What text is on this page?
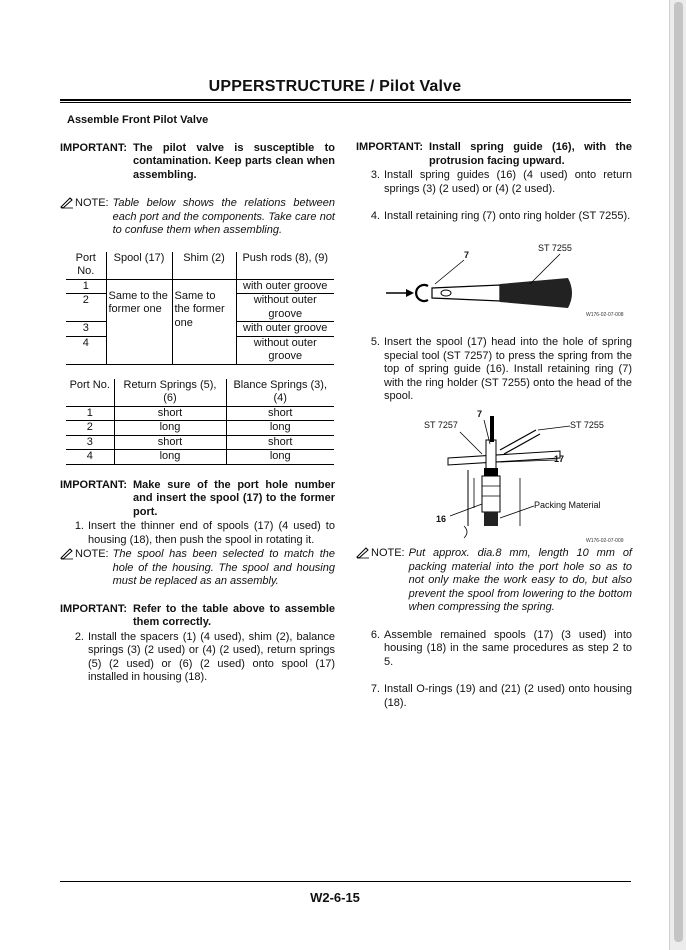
UPPERSTRUCTURE / Pilot Valve
Assemble Front Pilot Valve
IMPORTANT: The pilot valve is susceptible to contamination. Keep parts clean when assembling.
NOTE: Table below shows the relations between each port and the components. Take care not to confuse them when assembling.
Port No.	Spool (17)	Shim (2)	Push rods (8), (9)
1	Same to the former one	Same to the former one	with outer groove
2			without outer groove
3			with outer groove
4			without outer groove
Port No.	Return Springs (5), (6)	Blance Springs (3), (4)
1	short	short
2	long	long
3	short	short
4	long	long
IMPORTANT: Make sure of the port hole number and insert the spool (17) to the former port.
1. Insert the thinner end of spools (17) (4 used) to housing (18), then push the spool in rotating it.
NOTE: The spool has been selected to match the hole of the housing. The spool and housing must be replaced as an assembly.
IMPORTANT: Refer to the table above to assemble them correctly.
2. Install the spacers (1) (4 used), shim (2), balance springs (3) (2 used) or (4) (2 used), return springs (5) (2 used) or (6) (2 used) onto spool (17) installed in housing (18).
IMPORTANT: Install spring guide (16), with the protrusion facing upward.
3. Install spring guides (16) (4 used) onto return springs (3) (2 used) or (4) (2 used).
4. Install retaining ring (7) onto ring holder (ST 7255).
7
ST 7255
W176-02-07-008
5. Insert the spool (17) head into the hole of spring special tool (ST 7257) to press the spring from the top of spring guide (16). Install retaining ring (7) with the ring holder (ST 7255) onto the head of the spool.
7
ST 7257	ST 7255
17
Packing Material
16
W176-02-07-009
NOTE: Put approx. dia.8 mm, length 10 mm of packing material into the port hole so as to not only make the work easy to do, but also prevent the spool from lowering to the bottom when compressing the spring.
6. Assemble remained spools (17) (3 used) into housing (18) in the same procedures as step 2 to 5.
7. Install O-rings (19) and (21) (2 used) onto housing (18).
W2-6-15
